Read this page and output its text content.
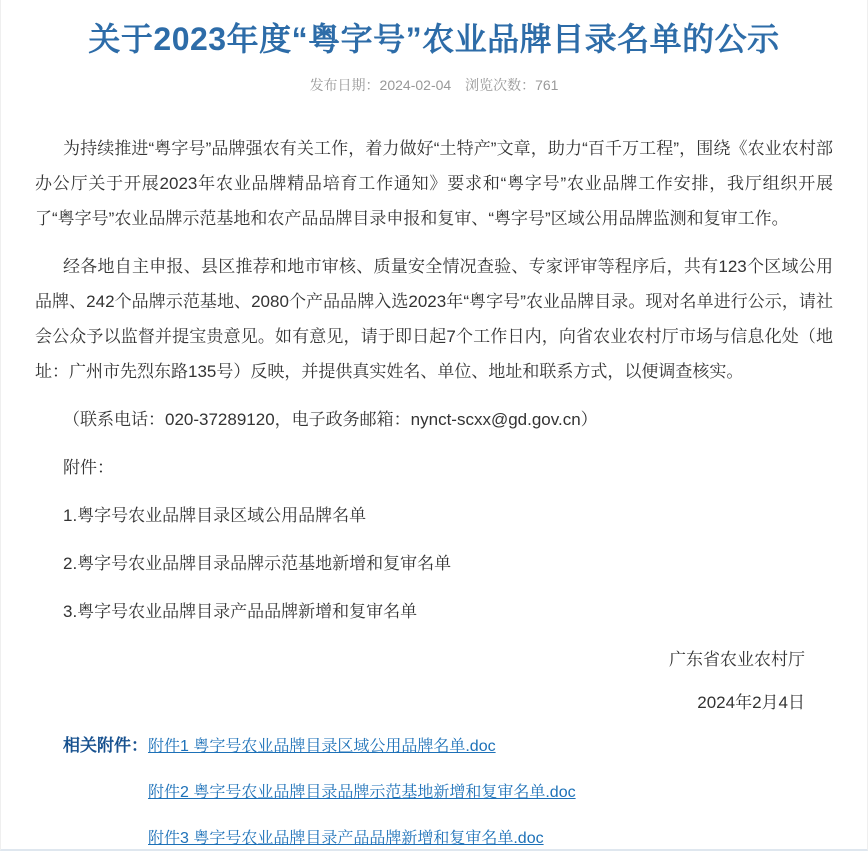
关于2023年度“粤字号”农业品牌目录名单的公示
发布日期：2024-02-04 浏览次数：761

为持续推进“粤字号”品牌强农有关工作，着力做好“土特产”文章，助力“百千万工程”，围绕《农业农村部办公厅关于开展2023年农业品牌精品培育工作通知》要求和“粤字号”农业品牌工作安排，我厅组织开展了“粤字号”农业品牌示范基地和农产品品牌目录申报和复审、“粤字号”区域公用品牌监测和复审工作。

经各地自主申报、县区推荐和地市审核、质量安全情况查验、专家评审等程序后，共有123个区域公用品牌、242个品牌示范基地、2080个产品品牌入选2023年“粤字号”农业品牌目录。现对名单进行公示，请社会公众予以监督并提宝贵意见。如有意见，请于即日起7个工作日内，向省农业农村厅市场与信息化处（地址：广州市先烈东路135号）反映，并提供真实姓名、单位、地址和联系方式，以便调查核实。

（联系电话：020-37289120，电子政务邮箱：nynct-scxx@gd.gov.cn）

附件：

1.粤字号农业品牌目录区域公用品牌名单

2.粤字号农业品牌目录品牌示范基地新增和复审名单

3.粤字号农业品牌目录产品品牌新增和复审名单

广东省农业农村厅

2024年2月4日

相关附件：附件1 粤字号农业品牌目录区域公用品牌名单.doc
附件2 粤字号农业品牌目录品牌示范基地新增和复审名单.doc
附件3 粤字号农业品牌目录产品品牌新增和复审名单.doc
